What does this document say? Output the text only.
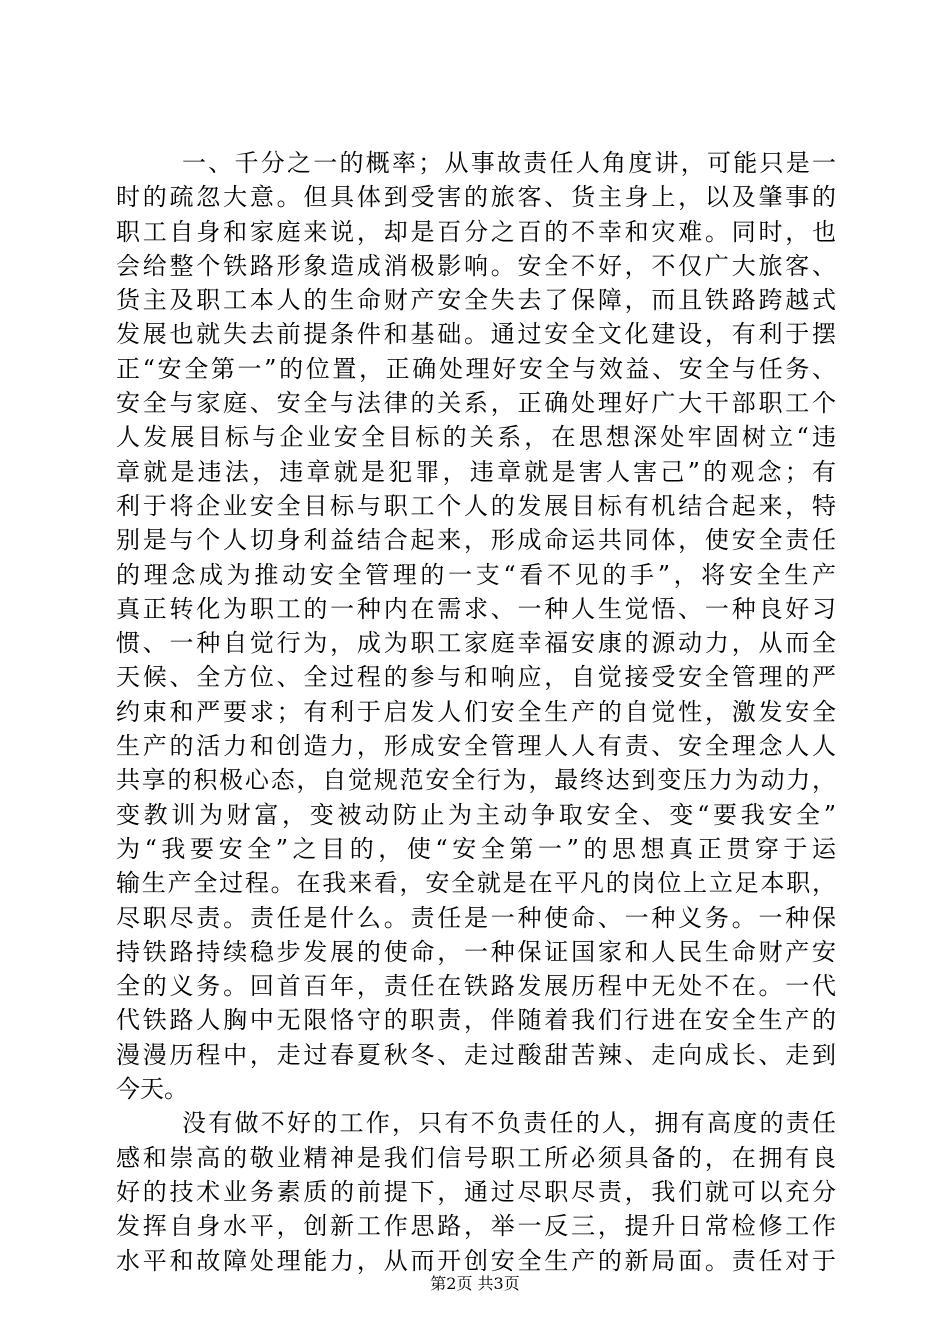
一、千分之一的概率；从事故责任人角度讲，可能只是一
时的疏忽大意。但具体到受害的旅客、货主身上，以及肇事的
职工自身和家庭来说，却是百分之百的不幸和灾难。同时，也
会给整个铁路形象造成消极影响。安全不好，不仅广大旅客、
货主及职工本人的生命财产安全失去了保障，而且铁路跨越式
发展也就失去前提条件和基础。通过安全文化建设，有利于摆
正“安全第一”的位置，正确处理好安全与效益、安全与任务、
安全与家庭、安全与法律的关系，正确处理好广大干部职工个
人发展目标与企业安全目标的关系，在思想深处牢固树立“违
章就是违法，违章就是犯罪，违章就是害人害己”的观念；有
利于将企业安全目标与职工个人的发展目标有机结合起来，特
别是与个人切身利益结合起来，形成命运共同体，使安全责任
的理念成为推动安全管理的一支“看不见的手”，将安全生产
真正转化为职工的一种内在需求、一种人生觉悟、一种良好习
惯、一种自觉行为，成为职工家庭幸福安康的源动力，从而全
天候、全方位、全过程的参与和响应，自觉接受安全管理的严
约束和严要求；有利于启发人们安全生产的自觉性，激发安全
生产的活力和创造力，形成安全管理人人有责、安全理念人人
共享的积极心态，自觉规范安全行为，最终达到变压力为动力，
变教训为财富，变被动防止为主动争取安全、变“要我安全”
为“我要安全”之目的，使“安全第一”的思想真正贯穿于运
输生产全过程。在我来看，安全就是在平凡的岗位上立足本职，
尽职尽责。责任是什么。责任是一种使命、一种义务。一种保
持铁路持续稳步发展的使命，一种保证国家和人民生命财产安
全的义务。回首百年，责任在铁路发展历程中无处不在。一代
代铁路人胸中无限恪守的职责，伴随着我们行进在安全生产的
漫漫历程中，走过春夏秋冬、走过酸甜苦辣、走向成长、走到
今天。
没有做不好的工作，只有不负责任的人，拥有高度的责任
感和崇高的敬业精神是我们信号职工所必须具备的，在拥有良
好的技术业务素质的前提下，通过尽职尽责，我们就可以充分
发挥自身水平，创新工作思路，举一反三，提升日常检修工作
水平和故障处理能力，从而开创安全生产的新局面。责任对于
第2页 共3页
